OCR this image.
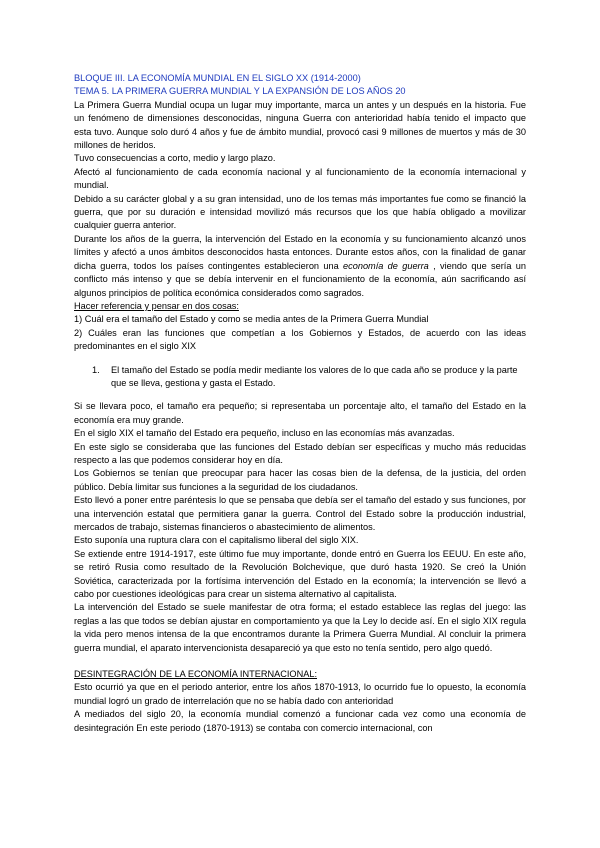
BLOQUE III. LA ECONOMÍA MUNDIAL EN EL SIGLO XX (1914-2000)

TEMA 5. LA PRIMERA GUERRA MUNDIAL Y LA EXPANSIÓN DE LOS AÑOS 20

La Primera Guerra Mundial ocupa un lugar muy importante, marca un antes y un después en la historia. Fue un fenómeno de dimensiones desconocidas, ninguna Guerra con anterioridad había tenido el impacto que esta tuvo. Aunque solo duró 4 años y fue de ámbito mundial, provocó casi 9 millones de muertos y más de 30 millones de heridos.

Tuvo consecuencias a corto, medio y largo plazo.

Afectó al funcionamiento de cada economía nacional y al funcionamiento de la economía internacional y mundial.

Debido a su carácter global y a su gran intensidad, uno de los temas más importantes fue como se financió la guerra, que por su duración e intensidad movilizó más recursos que los que había obligado a movilizar cualquier guerra anterior.

Durante los años de la guerra, la intervención del Estado en la economía y su funcionamiento alcanzó unos límites y afectó a unos ámbitos desconocidos hasta entonces. Durante estos años, con la finalidad de ganar dicha guerra, todos los países contingentes establecieron una economía de guerra , viendo que sería un conflicto más intenso y que se debía intervenir en el funcionamiento de la economía, aún sacrificando así algunos principios de política económica considerados como sagrados.

Hacer referencia y pensar en dos cosas:

1) Cuál era el tamaño del Estado y como se media antes de la Primera Guerra Mundial

2) Cuáles eran las funciones que competían a los Gobiernos y Estados, de acuerdo con las ideas predominantes en el siglo XIX

1. El tamaño del Estado se podía medir mediante los valores de lo que cada año se produce y la parte que se lleva, gestiona y gasta el Estado.

Si se llevara poco, el tamaño era pequeño; si representaba un porcentaje alto, el tamaño del Estado en la economía era muy grande.

En el siglo XIX el tamaño del Estado era pequeño, incluso en las economías más avanzadas.

En este siglo se consideraba que las funciones del Estado debían ser específicas y mucho más reducidas respecto a las que podemos considerar hoy en día.

Los Gobiernos se tenían que preocupar para hacer las cosas bien de la defensa, de la justicia, del orden público. Debía limitar sus funciones a la seguridad de los ciudadanos.

Esto llevó a poner entre paréntesis lo que se pensaba que debía ser el tamaño del estado y sus funciones, por una intervención estatal que permitiera ganar la guerra. Control del Estado sobre la producción industrial, mercados de trabajo, sistemas financieros o abastecimiento de alimentos.

Esto suponía una ruptura clara con el capitalismo liberal del siglo XIX.

Se extiende entre 1914-1917, este último fue muy importante, donde entró en Guerra los EEUU. En este año, se retiró Rusia como resultado de la Revolución Bolchevique, que duró hasta 1920. Se creó la Unión Soviética, caracterizada por la fortísima intervención del Estado en la economía; la intervención se llevó a cabo por cuestiones ideológicas para crear un sistema alternativo al capitalista.

La intervención del Estado se suele manifestar de otra forma; el estado establece las reglas del juego: las reglas a las que todos se debían ajustar en comportamiento ya que la Ley lo decide así. En el siglo XIX regula la vida pero menos intensa de la que encontramos durante la Primera Guerra Mundial. Al concluir la primera guerra mundial, el aparato intervencionista desapareció ya que esto no tenía sentido, pero algo quedó.

DESINTEGRACIÓN DE LA ECONOMÍA INTERNACIONAL:

Esto ocurrió ya que en el periodo anterior, entre los años 1870-1913, lo ocurrido fue lo opuesto, la economía mundial logró un grado de interrelación que no se había dado con anterioridad

A mediados del siglo 20, la economía mundial comenzó a funcionar cada vez como una economía de desintegración En este periodo (1870-1913) se contaba con comercio internacional, con
